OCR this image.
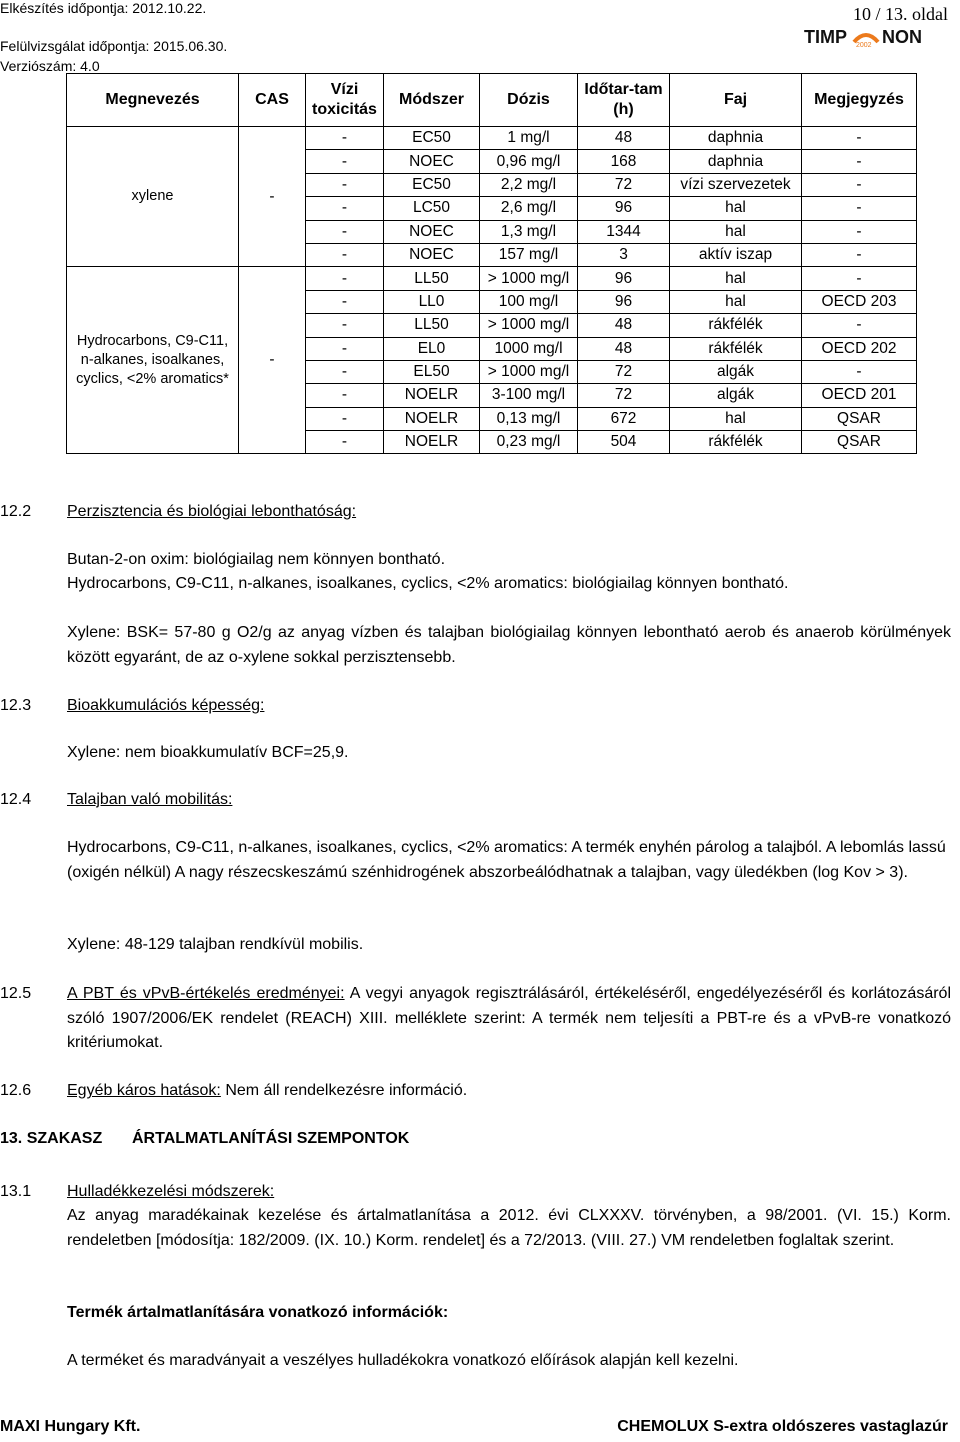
Elkészítés időpontja: 2012.10.22.
Felülvizsgálat időpontja: 2015.06.30.
Verziószám: 4.0
10 / 13. oldal
TIMP 2002 NON
Megnevezés	CAS	Vízi toxicitás	Módszer	Dózis	Időtar-tam (h)	Faj	Megjegyzés
xylene	-	-	EC50	1 mg/l	48	daphnia	-
		-	NOEC	0,96 mg/l	168	daphnia	-
		-	EC50	2,2 mg/l	72	vízi szervezetek	-
		-	LC50	2,6 mg/l	96	hal	-
		-	NOEC	1,3 mg/l	1344	hal	-
		-	NOEC	157 mg/l	3	aktív iszap	-
Hydrocarbons, C9-C11, n-alkanes, isoalkanes, cyclics, <2% aromatics*	-	-	LL50	> 1000 mg/l	96	hal	-
		-	LL0	100 mg/l	96	hal	OECD 203
		-	LL50	> 1000 mg/l	48	rákfélék	-
		-	EL0	1000 mg/l	48	rákfélék	OECD 202
		-	EL50	> 1000 mg/l	72	algák	-
		-	NOELR	3-100 mg/l	72	algák	OECD 201
		-	NOELR	0,13 mg/l	672	hal	QSAR
		-	NOELR	0,23 mg/l	504	rákfélék	QSAR
12.2 Perzisztencia és biológiai lebonthatóság:
Butan-2-on oxim: biológiailag nem könnyen bontható.
Hydrocarbons, C9-C11, n-alkanes, isoalkanes, cyclics, <2% aromatics: biológiailag könnyen bontható.
Xylene: BSK= 57-80 g O2/g az anyag vízben és talajban biológiailag könnyen lebontható aerob és anaerob körülmények között egyaránt, de az o-xylene sokkal perzisztensebb.
12.3 Bioakkumulációs képesség:
Xylene: nem bioakkumulatív BCF=25,9.
12.4 Talajban való mobilitás:
Hydrocarbons, C9-C11, n-alkanes, isoalkanes, cyclics, <2% aromatics: A termék enyhén párolog a talajból. A lebomlás lassú (oxigén nélkül) A nagy részecskeszámú szénhidrogének abszorbeálódhatnak a talajban, vagy üledékben (log Kov > 3).
Xylene: 48-129 talajban rendkívül mobilis.
12.5 A PBT és vPvB-értékelés eredményei: A vegyi anyagok regisztrálásáról, értékeléséről, engedélyezéséről és korlátozásáról szóló 1907/2006/EK rendelet (REACH) XIII. melléklete szerint: A termék nem teljesíti a PBT-re és a vPvB-re vonatkozó kritériumokat.
12.6 Egyéb káros hatások: Nem áll rendelkezésre információ.
13. SZAKASZ ÁRTALMATLANÍTÁSI SZEMPONTOK
13.1 Hulladékkezelési módszerek:
Az anyag maradékainak kezelése és ártalmatlanítása a 2012. évi CLXXXV. törvényben, a 98/2001. (VI. 15.) Korm. rendeletben [módosítja: 182/2009. (IX. 10.) Korm. rendelet] és a 72/2013. (VIII. 27.) VM rendeletben foglaltak szerint.
Termék ártalmatlanítására vonatkozó információk:
A terméket és maradványait a veszélyes hulladékokra vonatkozó előírások alapján kell kezelni.
MAXI Hungary Kft.	CHEMOLUX S-extra oldószeres vastaglazúr
